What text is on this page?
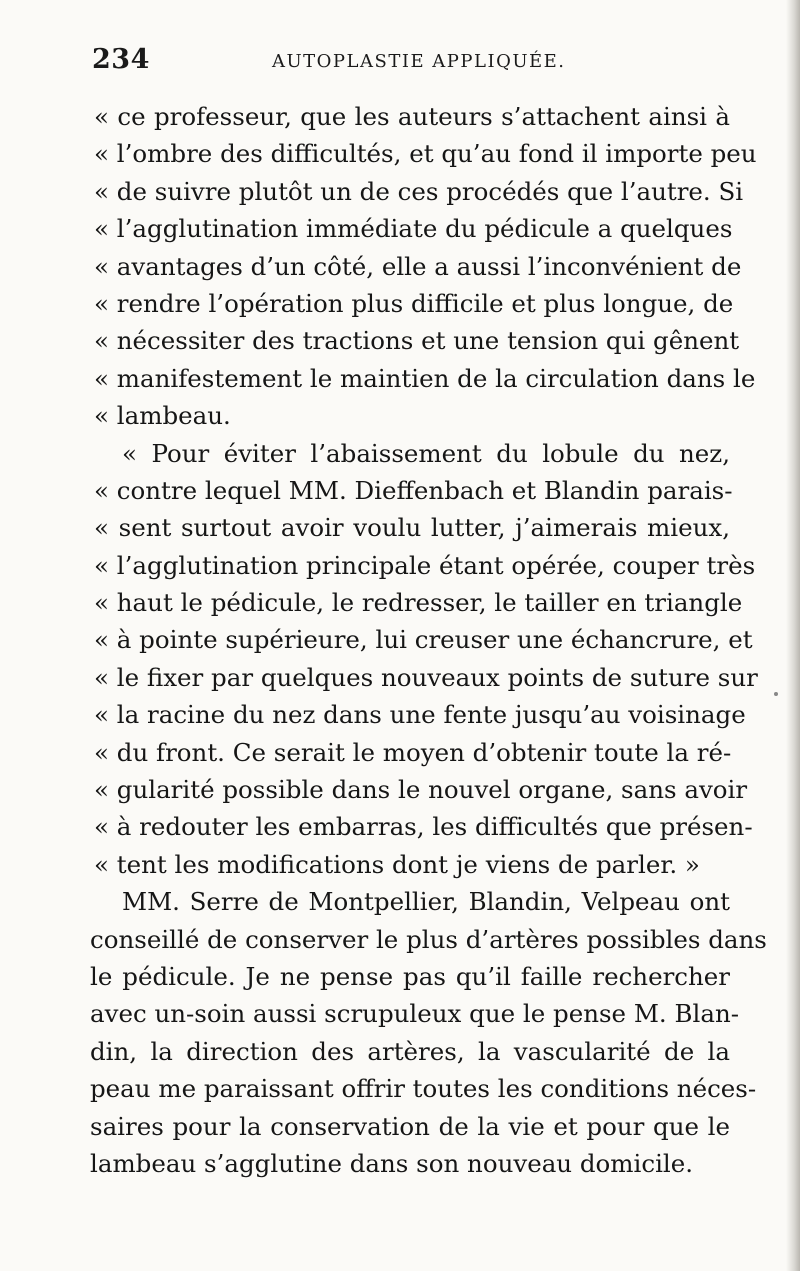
234	AUTOPLASTIE APPLIQUÉE.
« ce professeur, que les auteurs s’attachent ainsi à
« l’ombre des difficultés, et qu’au fond il importe peu
« de suivre plutôt un de ces procédés que l’autre. Si
« l’agglutination immédiate du pédicule a quelques
« avantages d’un côté, elle a aussi l’inconvénient de
« rendre l’opération plus difficile et plus longue, de
« nécessiter des tractions et une tension qui gênent
« manifestement le maintien de la circulation dans le
« lambeau.
« Pour éviter l’abaissement du lobule du nez,
« contre lequel MM. Dieffenbach et Blandin parais-
« sent surtout avoir voulu lutter, j’aimerais mieux,
« l’agglutination principale étant opérée, couper très
« haut le pédicule, le redresser, le tailler en triangle
« à pointe supérieure, lui creuser une échancrure, et
« le fixer par quelques nouveaux points de suture sur
« la racine du nez dans une fente jusqu’au voisinage
« du front. Ce serait le moyen d’obtenir toute la ré-
« gularité possible dans le nouvel organe, sans avoir
« à redouter les embarras, les difficultés que présen-
« tent les modifications dont je viens de parler. »
MM. Serre de Montpellier, Blandin, Velpeau ont
conseillé de conserver le plus d’artères possibles dans
le pédicule. Je ne pense pas qu’il faille rechercher
avec un-soin aussi scrupuleux que le pense M. Blan-
din, la direction des artères, la vascularité de la
peau me paraissant offrir toutes les conditions néces-
saires pour la conservation de la vie et pour que le
lambeau s’agglutine dans son nouveau domicile.
